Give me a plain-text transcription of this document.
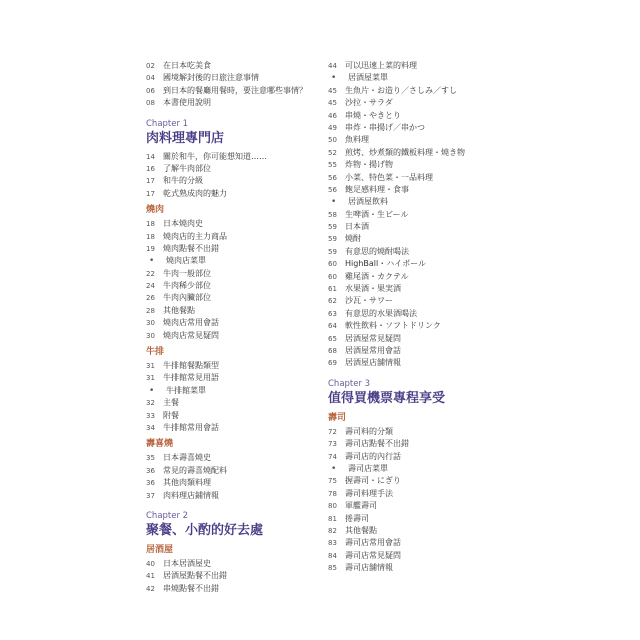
02	在日本吃美食
04	國境解封後的日旅注意事情
06	到日本的餐廳用餐時，要注意哪些事情？
08	本書使用說明
Chapter 1
肉料理專門店
14	關於和牛，你可能想知道……
16	了解牛肉部位
17	和牛的分級
17	乾式熟成肉的魅力
燒肉
18	日本燒肉史
18	燒肉店的主力商品
19	燒肉點餐不出錯
•	燒肉店菜單
22	牛肉一般部位
24	牛肉稀少部位
26	牛肉內臟部位
28	其他餐點
30	燒肉店常用會話
30	燒肉店常見疑問
牛排
31	牛排館餐點類型
31	牛排館常見用語
•	牛排館菜單
32	主餐
33	附餐
34	牛排館常用會話
壽喜燒
35	日本壽喜燒史
36	常見的壽喜燒配料
36	其他肉類料理
37	肉料理店鋪情報
Chapter 2
聚餐、小酌的好去處
居酒屋
40	日本居酒屋史
41	居酒屋點餐不出錯
42	串燒點餐不出錯
44	可以迅速上菜的料理
•	居酒屋菜單
45	生魚片・お造り／さしみ／すし
45	沙拉・サラダ
46	串燒・やきとり
49	串炸・串揚げ／串かつ
50	魚料理
52	煎烤、炒煮類的鐵板料理・燒き物
55	炸物・揚げ物
56	小菜、特色菜・一品料理
56	飽足感料理・食事
•	居酒屋飲料
58	生啤酒・生ビール
59	日本酒
59	燒酎
59	有意思的燒酎喝法
60	HighBall・ハイボール
60	雞尾酒・カクテル
61	水果酒・果実酒
62	沙瓦・サワー
63	有意思的水果酒喝法
64	軟性飲料・ソフトドリンク
65	居酒屋常見疑問
68	居酒屋常用會話
69	居酒屋店舖情報
Chapter 3
值得買機票專程享受
壽司
72	壽司料的分類
73	壽司店點餐不出錯
74	壽司店的內行話
•	壽司店菜單
75	握壽司・にぎり
78	壽司料理手法
80	軍艦壽司
81	捲壽司
82	其他餐點
83	壽司店常用會話
84	壽司店常見疑問
85	壽司店舖情報
